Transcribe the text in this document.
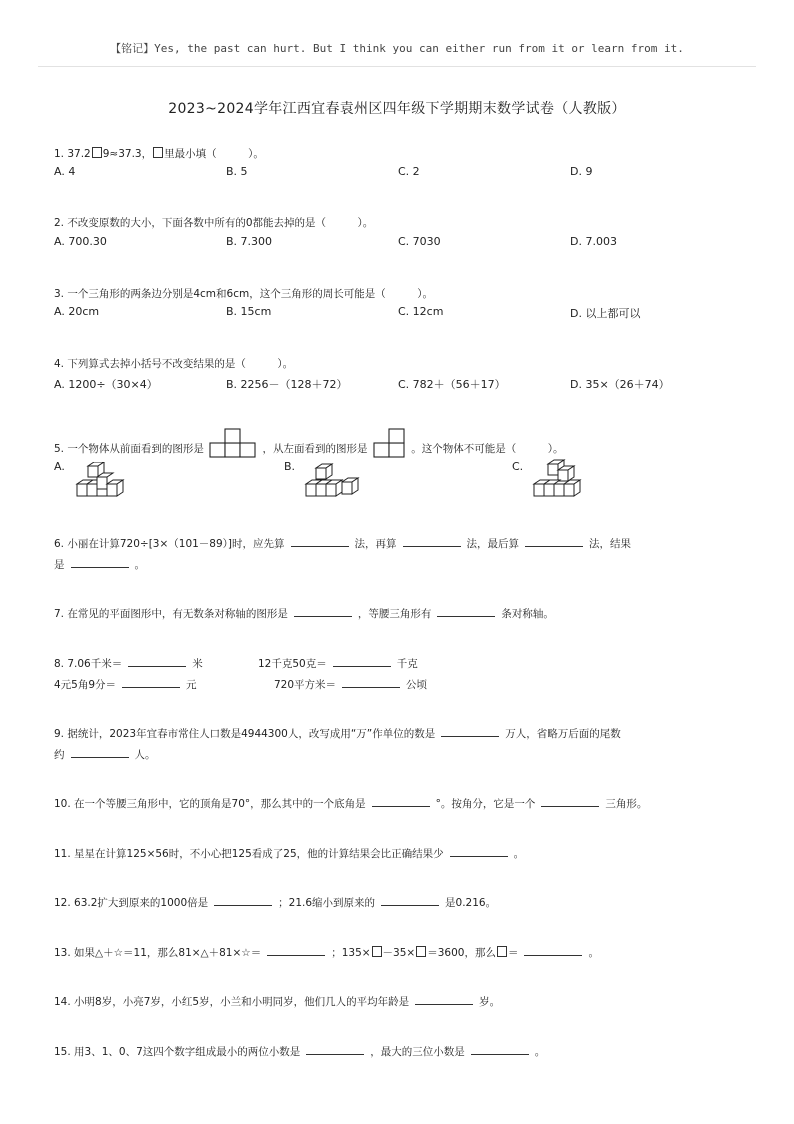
【铭记】Yes, the past can hurt. But I think you can either run from it or learn from it.
2023~2024学年江西宜春袁州区四年级下学期期末数学试卷（人教版）
1. 37.2 9≈37.3， 里最小填（　　　）。
A. 4	B. 5	C. 2	D. 9
2. 不改变原数的大小，下面各数中所有的0都能去掉的是（　　　）。
A. 700.30	B. 7.300	C. 7030	D. 7.003
3. 一个三角形的两条边分别是4cm和6cm，这个三角形的周长可能是（　　　）。
A. 20cm	B. 15cm	C. 12cm	D. 以上都可以
4. 下列算式去掉小括号不改变结果的是（　　　）。
A. 1200÷（30×4）	B. 2256－（128＋72）	C. 782＋（56＋17）	D. 35×（26＋74）
5. 一个物体从前面看到的图形是	，从左面看到的图形是	。这个物体不可能是（　　　）。
A.	B.	C.
6. 小丽在计算720÷[3×（101－89）]时，应先算	法，再算	法，最后算	法，结果
是	。
7. 在常见的平面图形中，有无数条对称轴的图形是	，等腰三角形有	条对称轴。
8. 7.06千米＝	米	12千克50克＝	千克
4元5角9分＝	元	720平方米＝	公顷
9. 据统计，2023年宜春市常住人口数是4944300人，改写成用“万”作单位的数是	万人，省略万后面的尾数
约	人。
10. 在一个等腰三角形中，它的顶角是70°，那么其中的一个底角是	°。按角分，它是一个	三角形。
11. 星星在计算125×56时，不小心把125看成了25，他的计算结果会比正确结果少	。
12. 63.2扩大到原来的1000倍是	；21.6缩小到原来的	是0.216。
13. 如果△＋☆＝11，那么81×△＋81×☆＝	；135× －35× ＝3600，那么 ＝	。
14. 小明8岁，小亮7岁，小红5岁，小兰和小明同岁，他们几人的平均年龄是	岁。
15. 用3、1、0、7这四个数字组成最小的两位小数是	，最大的三位小数是	。
